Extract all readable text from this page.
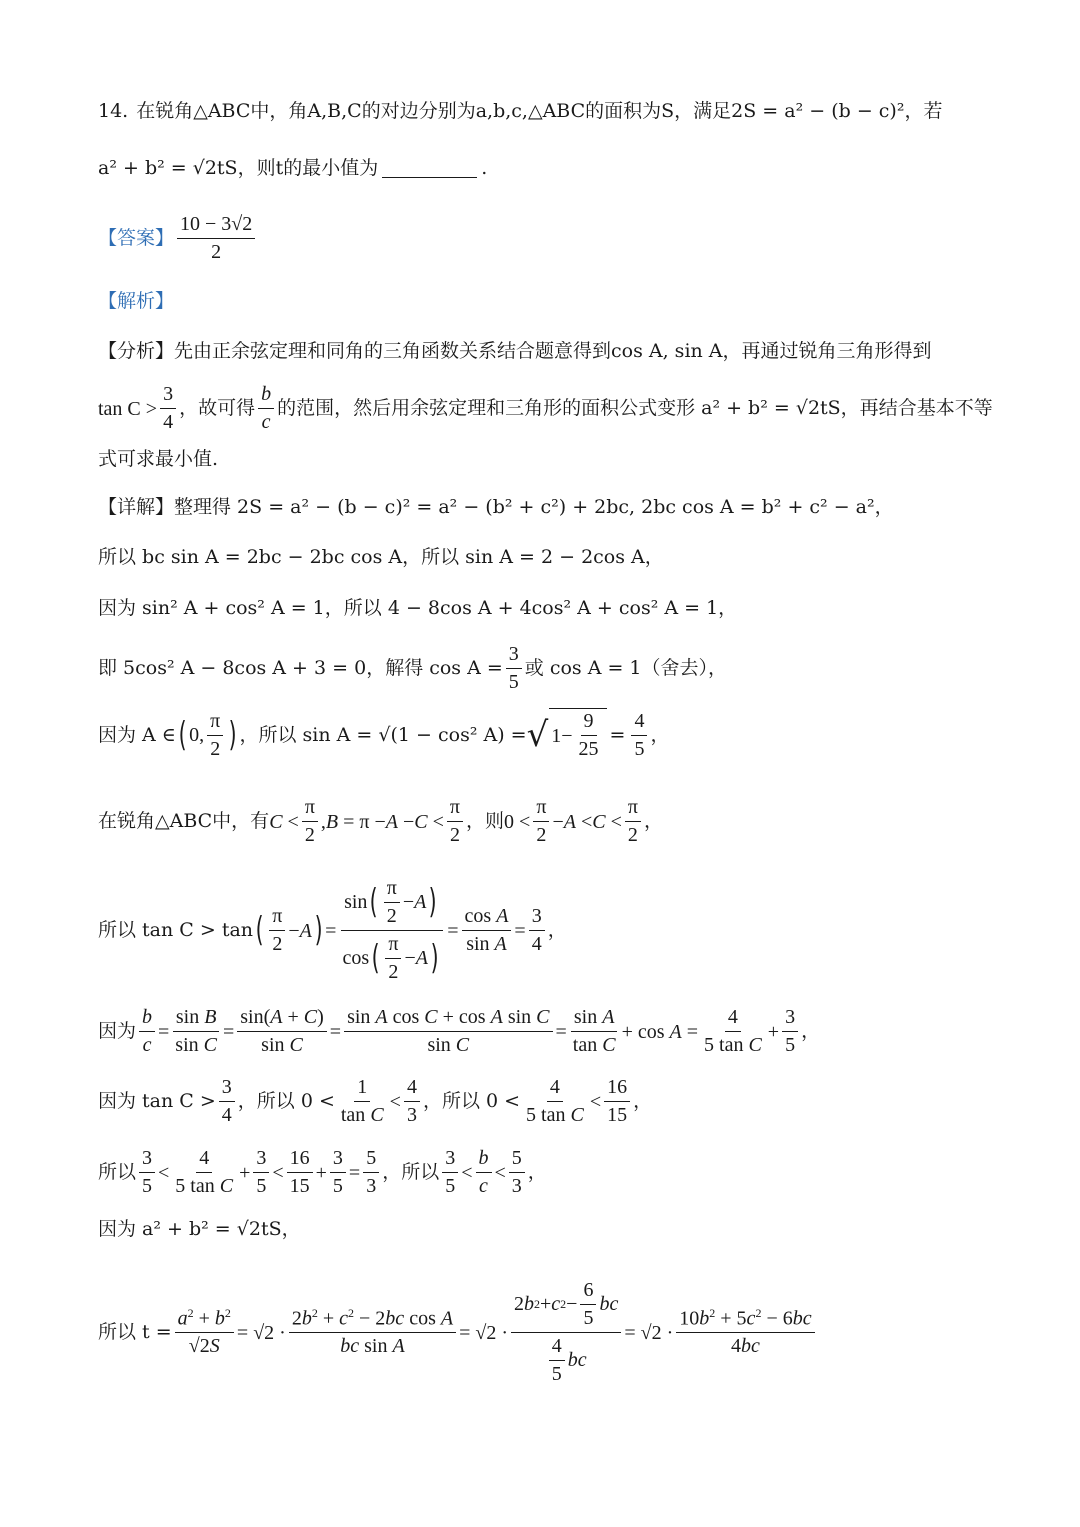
14. 在锐角△ABC中，角A,B,C的对边分别为a,b,c,△ABC的面积为S，满足2S = a² − (b − c)²，若
a² + b² = √2tS，则t的最小值为	.
【答案】 $\frac{10 - 3√2}{2}$
【解析】
【分析】 先由正余弦定理和同角的三角函数关系结合题意得到cos A, sin A，再通过锐角三角形得到
$\tan C > \frac{3}{4}$ ，故可得 $\frac{b}{c}$ 的范围，然后用余弦定理和三角形的面积公式变形 a² + b² = √2tS，再结合基本不等
式可求最小值.
【详解】 整理得 2S = a² − (b − c)² = a² − (b² + c²) + 2bc, 2bc cos A = b² + c² − a²，
所以 bc sin A = 2bc − 2bc cos A，所以 sin A = 2 − 2cos A，
因为 sin² A + cos² A = 1，所以 4 − 8cos A + 4cos² A + cos² A = 1，
即 5cos² A − 8cos A + 3 = 0，解得 $\cos A = \frac{3}{5}$ 或 cos A = 1（舍去），
因为 A ∈ ( 0, $\frac{\pi}{2}$ ) ，所以 sin A = √(1 − cos² A) = √ $1- \frac{9}{25} = \frac{4}{5}$ ，
在锐角△ABC中，有 $C < \frac{\pi}{2}$ , $B = \pi - A - C < \frac{\pi}{2}$ ，则 $0 < \frac{\pi}{2} - A < C < \frac{\pi}{2}$ ，
所以 tan C > tan ( $\frac{\pi}{2} - A$ ) = $\frac{\sin ( \frac{\pi}{2} - A )}{\cos ( \frac{\pi}{2} - A )} = \frac{\text{cos A}}{\text{sin A}} = \frac{3}{4}$ ，
因为 $\frac{b}{c} = \frac{\text{sin B}}{\text{sin C}} = \frac{\sin(A + C)}{\text{sin C}} = \frac{\text{sin A cos C + cos A sin C}}{\text{sin C}} = \frac{\text{sin A}}{\text{tan C}} + \cos A = \frac{4}{\text{5 tan C}} + \frac{3}{5}$ ，
因为 $\tan C > \frac{3}{4}$ ，所以 $0 < \frac{1}{\text{tan C}} < \frac{4}{3}$ ，所以 $0 < \frac{4}{\text{5 tan C}} < \frac{16}{15}$ ，
所以 $\frac{3}{5} < \frac{4}{\text{5 tan C}} + \frac{3}{5} < \frac{16}{15} + \frac{3}{5} = \frac{5}{3}$ ，所以 $\frac{3}{5} < \frac{b}{c} < \frac{5}{3}$ ，
因为 a² + b² = √2tS，
所以 $t = \frac{a^2 + b^2}{√2S} = √2 \cdot \frac{2b^2 + c^2 - 2bc \cos A}{\text{bc sin A}} = √2 \cdot \frac{2 b 2 + c 2 - \frac{6}{5} bc}{\frac{4}{5} bc} = √2 \cdot \frac{10b^2 + 5c^2 - 6bc}{4bc}$
